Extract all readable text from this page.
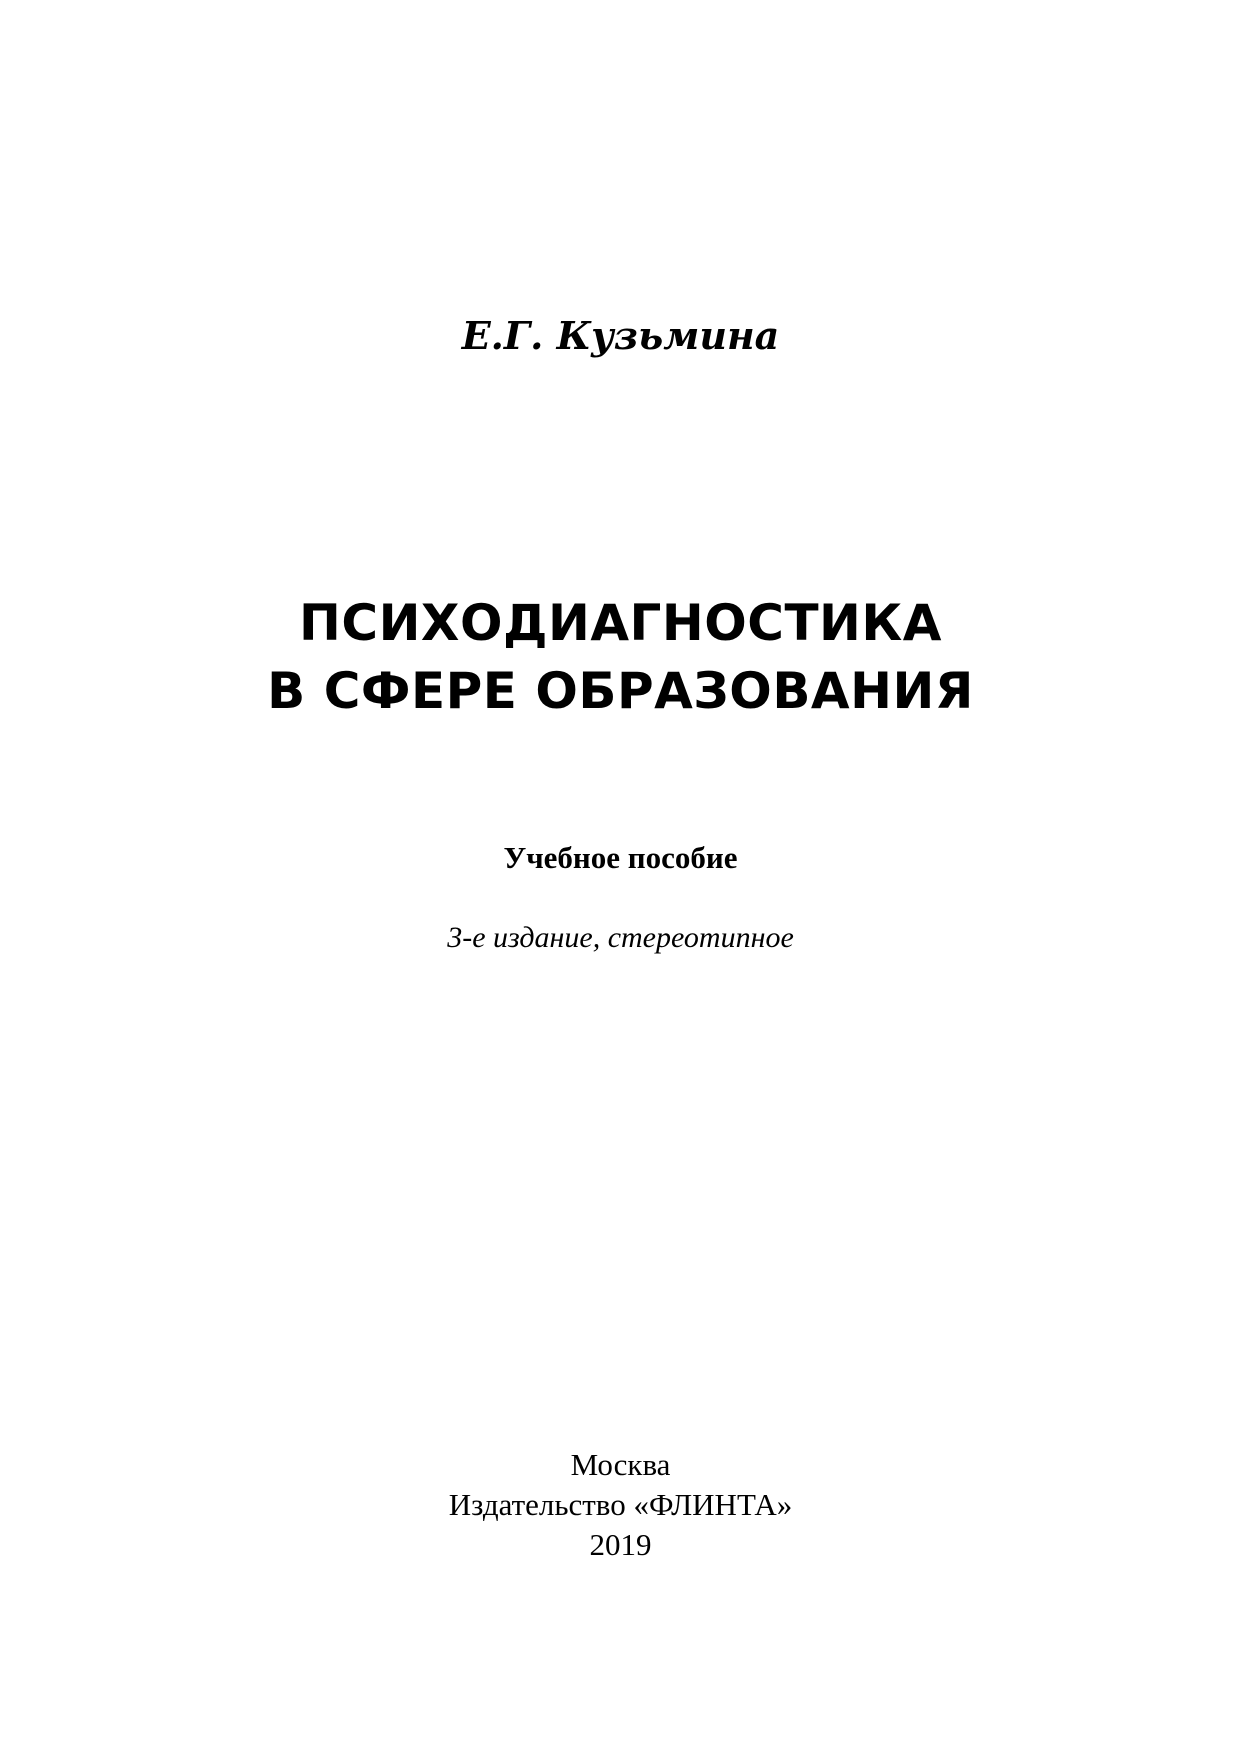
Е.Г. Кузьмина
ПСИХОДИАГНОСТИКА
В СФЕРЕ ОБРАЗОВАНИЯ
Учебное пособие
3-е издание, стереотипное
Москва
Издательство «ФЛИНТА»
2019
